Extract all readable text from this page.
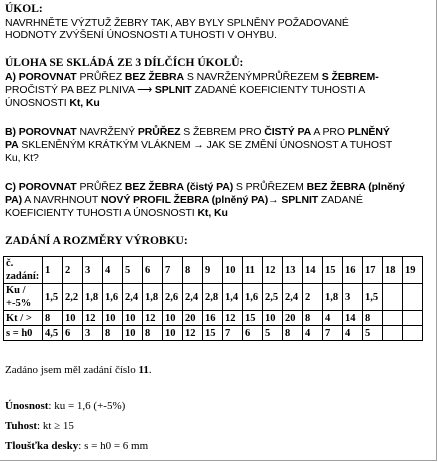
ÚKOL:
NAVRHNĚTE VÝZTUŽ ŽEBRY TAK, ABY BYLY SPLNĚNY POŽADOVANÉ
HODNOTY ZVÝŠENÍ ÚNOSNOSTI A TUHOSTI V OHYBU.
ÚLOHA SE SKLÁDÁ ZE 3 DÍLČÍCH ÚKOLŮ:
A) POROVNAT PRŮŘEZ BEZ ŽEBRA S NAVRŽENÝMPRŮŘEZEM S ŽEBREM-
PROČISTÝ PA BEZ PLNIVA ⟶ SPLNIT ZADANÉ KOEFICIENTY TUHOSTI A
ÚNOSNOSTI Kt, Ku
B) POROVNAT NAVRŽENÝ PRŮŘEZ S ŽEBREM PRO ČISTÝ PA A PRO PLNĚNÝ
PA SKLENĚNÝM KRÁTKÝM VLÁKNEM → JAK SE ZMĚNÍ ÚNOSNOST A TUHOST
Ku, Kt?
C) POROVNAT PRŮŘEZ BEZ ŽEBRA (čistý PA) S PRŮŘEZEM BEZ ŽEBRA (plněný
PA) A NAVRHNOUT NOVÝ PROFIL ŽEBRA (plněný PA)→ SPLNIT ZADANÉ
KOEFICIENTY TUHOSTI A ÚNOSNOSTI Kt, Ku
ZADÁNÍ A ROZMĚRY VÝROBKU:
č. zadání:	1	2	3	4	5	6	7	8	9	10	11	12	13	14	15	16	17	18	19
Ku / +-5%	1,5	2,2	1,8	1,6	2,4	1,8	2,6	2,4	2,8	1,4	1,6	2,5	2,4	2	1,8	3	1,5		
Kt / >	8	10	12	10	10	12	10	20	16	12	15	10	20	8	4	14	8		
s = h0	4,5	6	3	8	10	8	10	12	15	7	6	5	8	4	7	4	5		
Zadáno jsem měl zadání číslo 11.
Únosnost: ku = 1,6 (+-5%)
Tuhost: kt ≥ 15
Tloušťka desky: s = h0 = 6 mm
